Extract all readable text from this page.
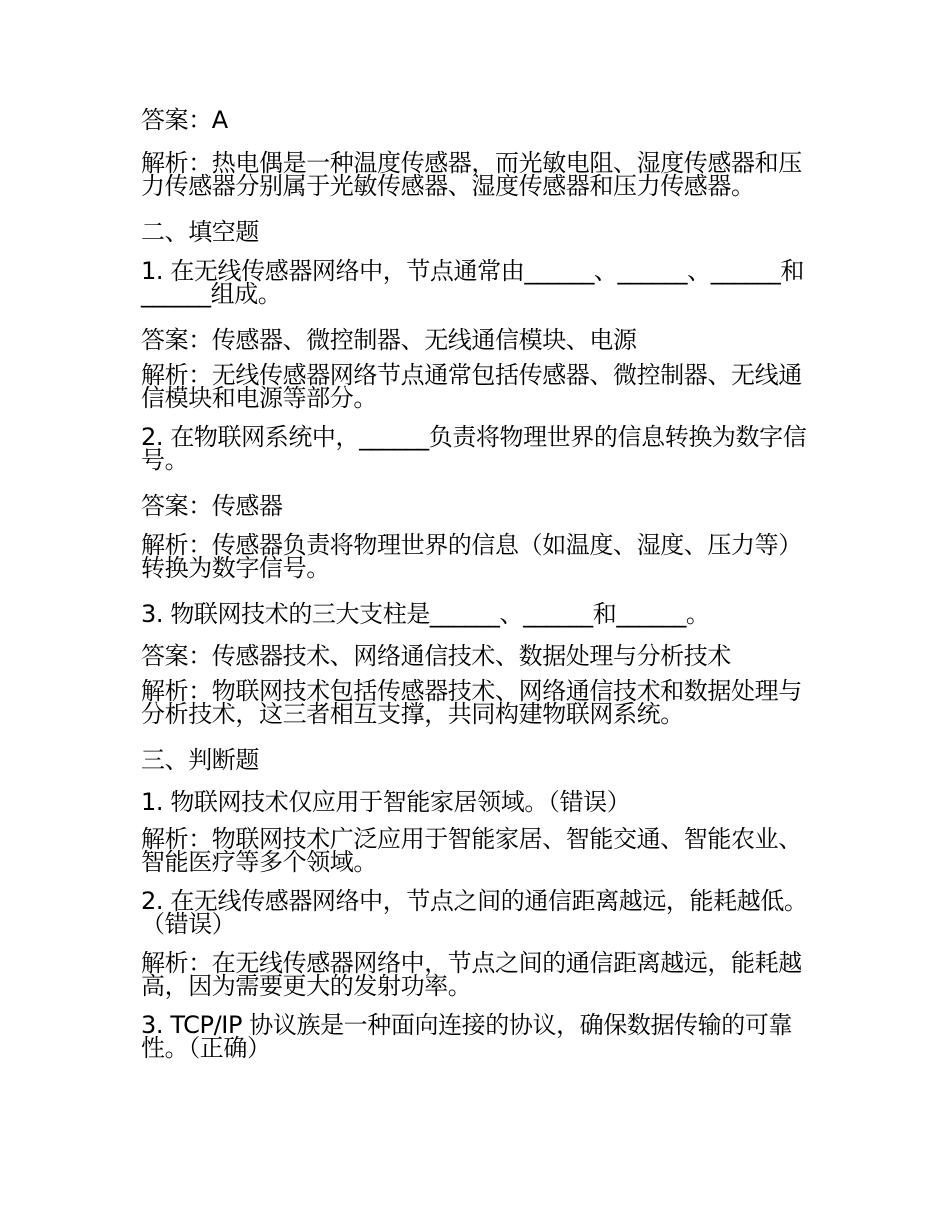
答案：A

解析：热电偶是一种温度传感器，而光敏电阻、湿度传感器和压力传感器分别属于光敏传感器、湿度传感器和压力传感器。

二、填空题

1. 在无线传感器网络中，节点通常由______、______、______和______组成。

答案：传感器、微控制器、无线通信模块、电源

解析：无线传感器网络节点通常包括传感器、微控制器、无线通信模块和电源等部分。

2. 在物联网系统中，______负责将物理世界的信息转换为数字信号。

答案：传感器

解析：传感器负责将物理世界的信息（如温度、湿度、压力等）转换为数字信号。

3. 物联网技术的三大支柱是______、______和______。

答案：传感器技术、网络通信技术、数据处理与分析技术

解析：物联网技术包括传感器技术、网络通信技术和数据处理与分析技术，这三者相互支撑，共同构建物联网系统。

三、判断题

1. 物联网技术仅应用于智能家居领域。（错误）

解析：物联网技术广泛应用于智能家居、智能交通、智能农业、智能医疗等多个领域。

2. 在无线传感器网络中，节点之间的通信距离越远，能耗越低。（错误）

解析：在无线传感器网络中，节点之间的通信距离越远，能耗越高，因为需要更大的发射功率。

3. TCP/IP 协议族是一种面向连接的协议，确保数据传输的可靠性。（正确）
